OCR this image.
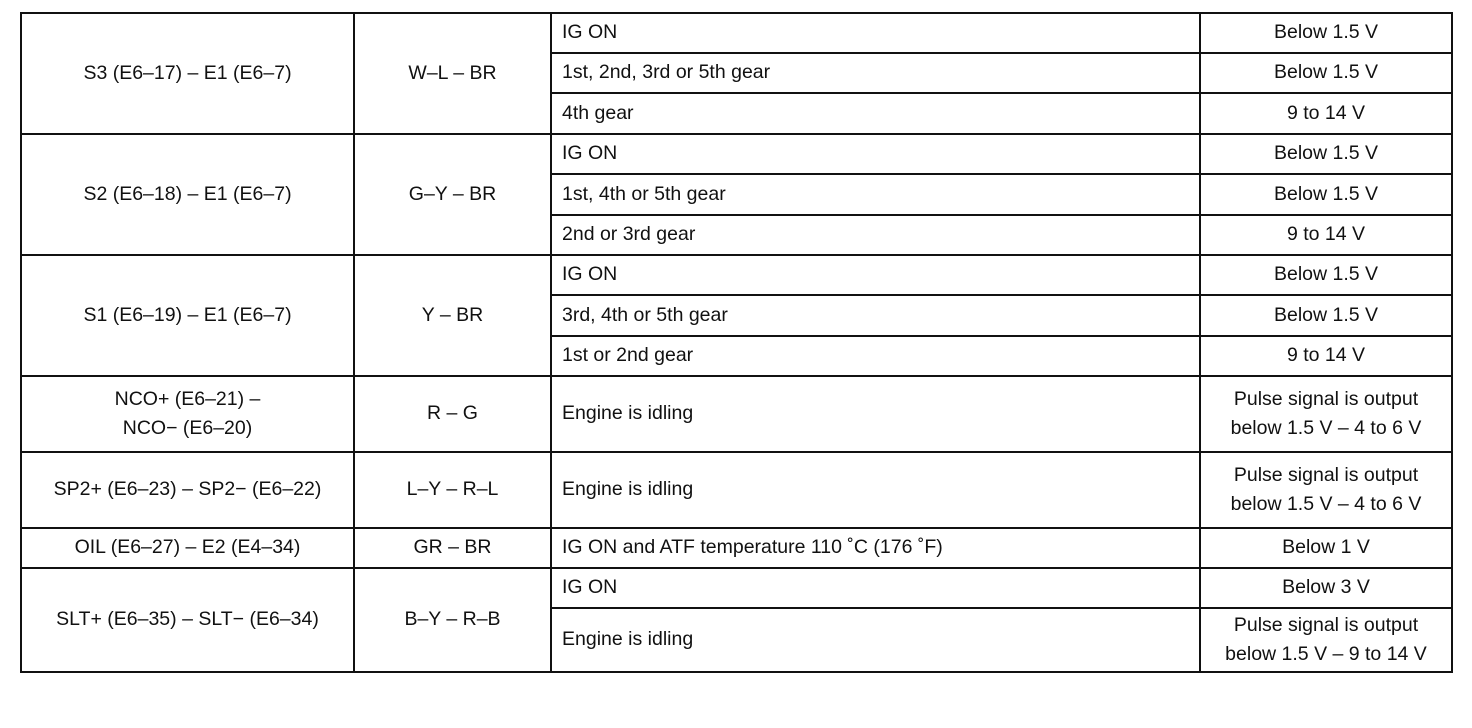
S3 (E6–17) – E1 (E6–7)	W–L – BR	IG ON	Below 1.5 V
		1st, 2nd, 3rd or 5th gear	Below 1.5 V
		4th gear	9 to 14 V
S2 (E6–18) – E1 (E6–7)	G–Y – BR	IG ON	Below 1.5 V
		1st, 4th or 5th gear	Below 1.5 V
		2nd or 3rd gear	9 to 14 V
S1 (E6–19) – E1 (E6–7)	Y – BR	IG ON	Below 1.5 V
		3rd, 4th or 5th gear	Below 1.5 V
		1st or 2nd gear	9 to 14 V

NCO+ (E6–21) –
NCO− (E6–20)	R – G	Engine is idling	Pulse signal is output
below 1.5 V – 4 to 6 V

SP2+ (E6–23) – SP2− (E6–22)	L–Y – R–L	Engine is idling	Pulse signal is output
below 1.5 V – 4 to 6 V

OIL (E6–27) – E2 (E4–34)	GR – BR	IG ON and ATF temperature 110 ˚C (176 ˚F)	Below 1 V
SLT+ (E6–35) – SLT− (E6–34)	B–Y – R–B	IG ON	Below 3 V
		Engine is idling	Pulse signal is output
below 1.5 V – 9 to 14 V
